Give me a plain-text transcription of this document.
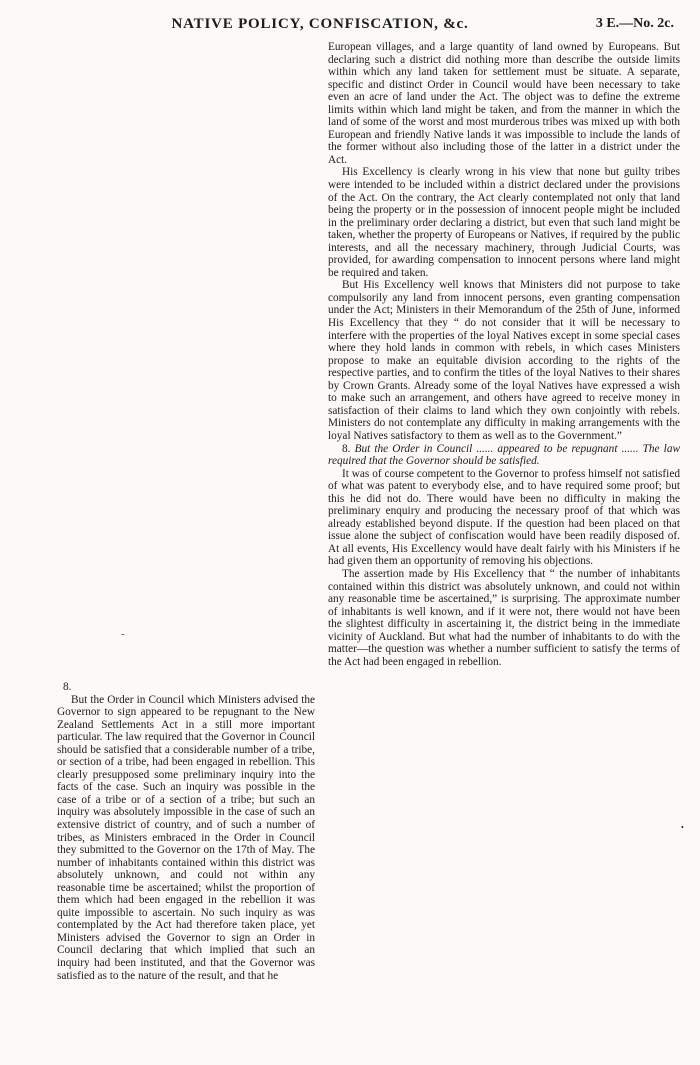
NATIVE POLICY, CONFISCATION, &c.	3 E.—No. 2c.

European villages, and a large quantity of land owned by Europeans. But declaring such a district did nothing more than describe the outside limits within which any land taken for settlement must be situate. A separate, specific and distinct Order in Council would have been necessary to take even an acre of land under the Act. The object was to define the extreme limits within which land might be taken, and from the manner in which the land of some of the worst and most murderous tribes was mixed up with both European and friendly Native lands it was impossible to include the lands of the former without also including those of the latter in a district under the Act.

His Excellency is clearly wrong in his view that none but guilty tribes were intended to be included within a district declared under the provisions of the Act. On the contrary, the Act clearly contemplated not only that land being the property or in the possession of innocent people might be included in the preliminary order declaring a district, but even that such land might be taken, whether the property of Europeans or Natives, if required by the public interests, and all the necessary machinery, through Judicial Courts, was provided, for awarding compensation to innocent persons where land might be required and taken.

But His Excellency well knows that Ministers did not purpose to take compulsorily any land from innocent persons, even granting compensation under the Act; Ministers in their Memorandum of the 25th of June, informed His Excellency that they “ do not consider that it will be necessary to interfere with the properties of the loyal Natives except in some special cases where they hold lands in common with rebels, in which cases Ministers propose to make an equitable division according to the rights of the respective parties, and to confirm the titles of the loyal Natives to their shares by Crown Grants. Already some of the loyal Natives have expressed a wish to make such an arrangement, and others have agreed to receive money in satisfaction of their claims to land which they own conjointly with rebels. Ministers do not contemplate any difficulty in making arrangements with the loyal Natives satisfactory to them as well as to the Government.”

8. But the Order in Council ...... appeared to be repugnant ...... The law required that the Governor should be satisfied.

It was of course competent to the Governor to profess himself not satisfied of what was patent to everybody else, and to have required some proof; but this he did not do. There would have been no difficulty in making the preliminary enquiry and producing the necessary proof of that which was already established beyond dispute. If the question had been placed on that issue alone the subject of confiscation would have been readily disposed of. At all events, His Excellency would have dealt fairly with his Ministers if he had given them an opportunity of removing his objections.

The assertion made by His Excellency that “ the number of inhabitants contained within this district was absolutely unknown, and could not within any reasonable time be ascertained,” is surprising. The approximate number of inhabitants is well known, and if it were not, there would not have been the slightest difficulty in ascertaining it, the district being in the immediate vicinity of Auckland. But what had the number of inhabitants to do with the matter—the question was whether a number sufficient to satisfy the terms of the Act had been engaged in rebellion.

8.

But the Order in Council which Ministers advised the Governor to sign appeared to be repugnant to the New Zealand Settlements Act in a still more important particular. The law required that the Governor in Council should be satisfied that a considerable number of a tribe, or section of a tribe, had been engaged in rebellion. This clearly presupposed some preliminary inquiry into the facts of the case. Such an inquiry was possible in the case of a tribe or of a section of a tribe; but such an inquiry was absolutely impossible in the case of such an extensive district of country, and of such a number of tribes, as Ministers embraced in the Order in Council they submitted to the Governor on the 17th of May. The number of inhabitants contained within this district was absolutely unknown, and could not within any reasonable time be ascertained; whilst the proportion of them which had been engaged in the rebellion it was quite impossible to ascertain. No such inquiry as was contemplated by the Act had therefore taken place, yet Ministers advised the Governor to sign an Order in Council declaring that which implied that such an inquiry had been instituted, and that the Governor was satisfied as to the nature of the result, and that he

-
•
